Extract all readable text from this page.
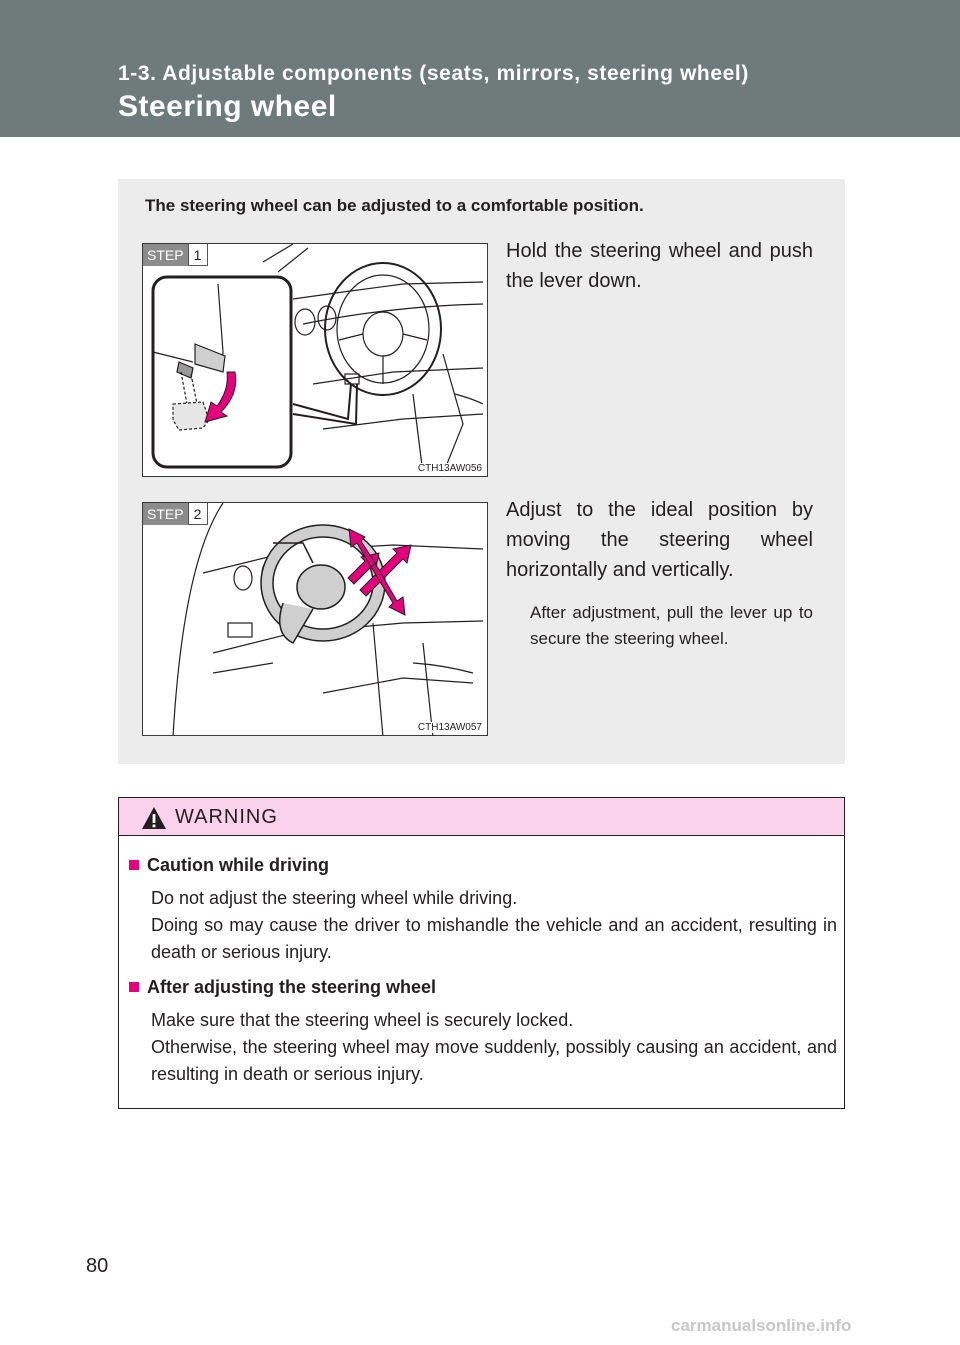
1-3. Adjustable components (seats, mirrors, steering wheel)
Steering wheel
The steering wheel can be adjusted to a comfortable position.
STEP 1
CTH13AW056
Hold the steering wheel and push the lever down.
STEP 2
CTH13AW057
Adjust to the ideal position by moving the steering wheel horizontally and vertically.
After adjustment, pull the lever up to secure the steering wheel.
WARNING
Caution while driving

Do not adjust the steering wheel while driving.

Doing so may cause the driver to mishandle the vehicle and an accident, resulting in death or serious injury.

After adjusting the steering wheel

Make sure that the steering wheel is securely locked.

Otherwise, the steering wheel may move suddenly, possibly causing an accident, and resulting in death or serious injury.

80
carmanualsonline.info
